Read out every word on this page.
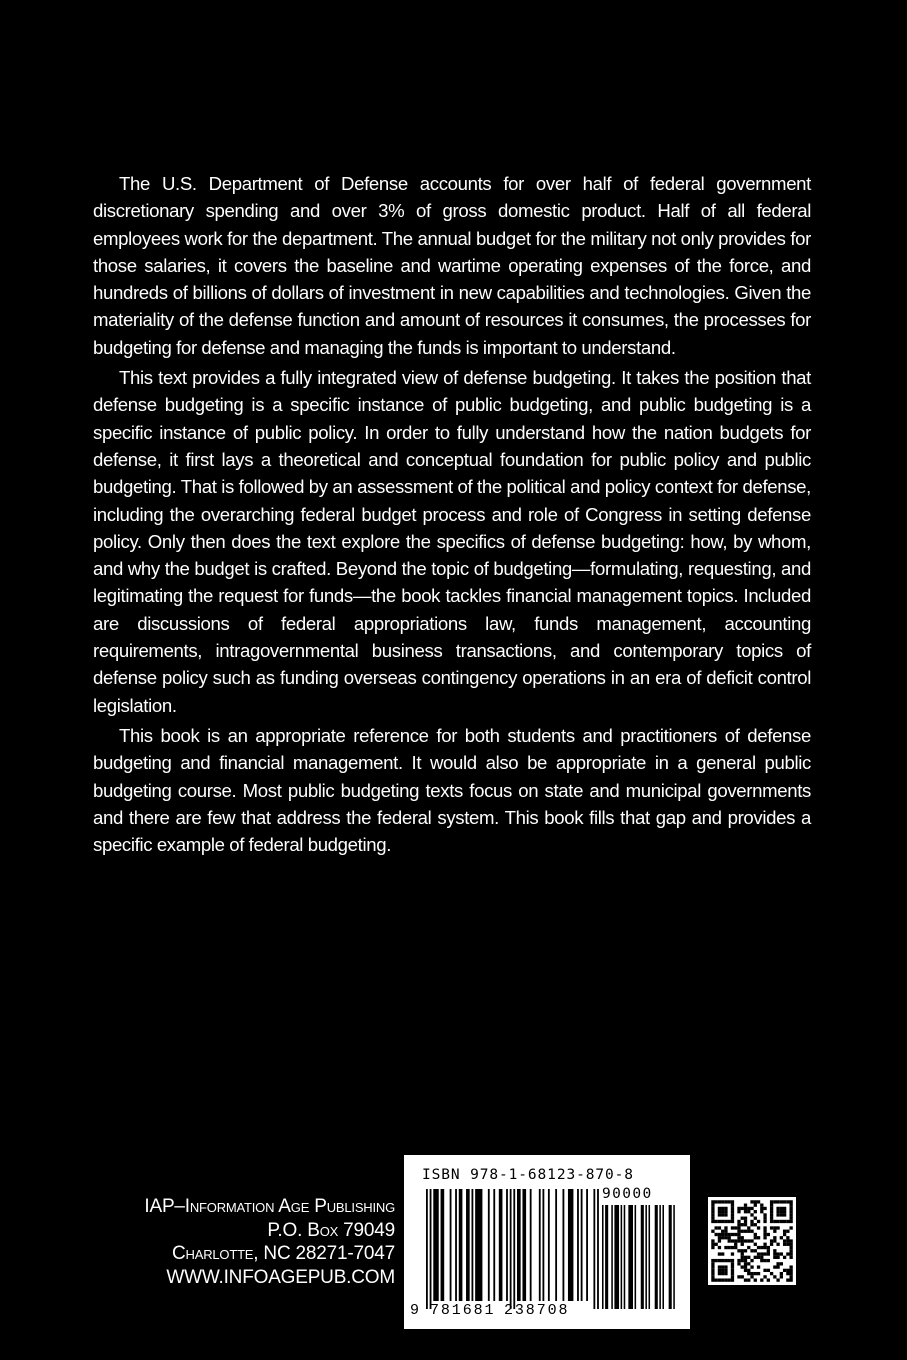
The U.S. Department of Defense accounts for over half of federal government discretionary spending and over 3% of gross domestic product. Half of all federal employees work for the department. The annual budget for the military not only provides for those salaries, it covers the baseline and wartime operating expenses of the force, and hundreds of billions of dollars of investment in new capabilities and technologies. Given the materiality of the defense function and amount of resources it consumes, the processes for budgeting for defense and managing the funds is important to understand.

This text provides a fully integrated view of defense budgeting. It takes the position that defense budgeting is a specific instance of public budgeting, and public budgeting is a specific instance of public policy. In order to fully understand how the nation budgets for defense, it first lays a theoretical and conceptual foundation for public policy and public budgeting. That is followed by an assessment of the political and policy context for defense, including the overarching federal budget process and role of Congress in setting defense policy. Only then does the text explore the specifics of defense budgeting: how, by whom, and why the budget is crafted. Beyond the topic of budgeting—formulating, requesting, and legitimating the request for funds—the book tackles financial management topics. Included are discussions of federal appropriations law, funds management, accounting requirements, intragovernmental business transactions, and contemporary topics of defense policy such as funding overseas contingency operations in an era of deficit control legislation.

This book is an appropriate reference for both students and practitioners of defense budgeting and financial management. It would also be appropriate in a general public budgeting course. Most public budgeting texts focus on state and municipal governments and there are few that address the federal system. This book fills that gap and provides a specific example of federal budgeting.

IAP–Information Age Publishing
P.O. Box 79049
Charlotte, NC 28271-7047
WWW.INFOAGEPUB.COM
ISBN 978-1-68123-870-8
90000
9 781681 238708
